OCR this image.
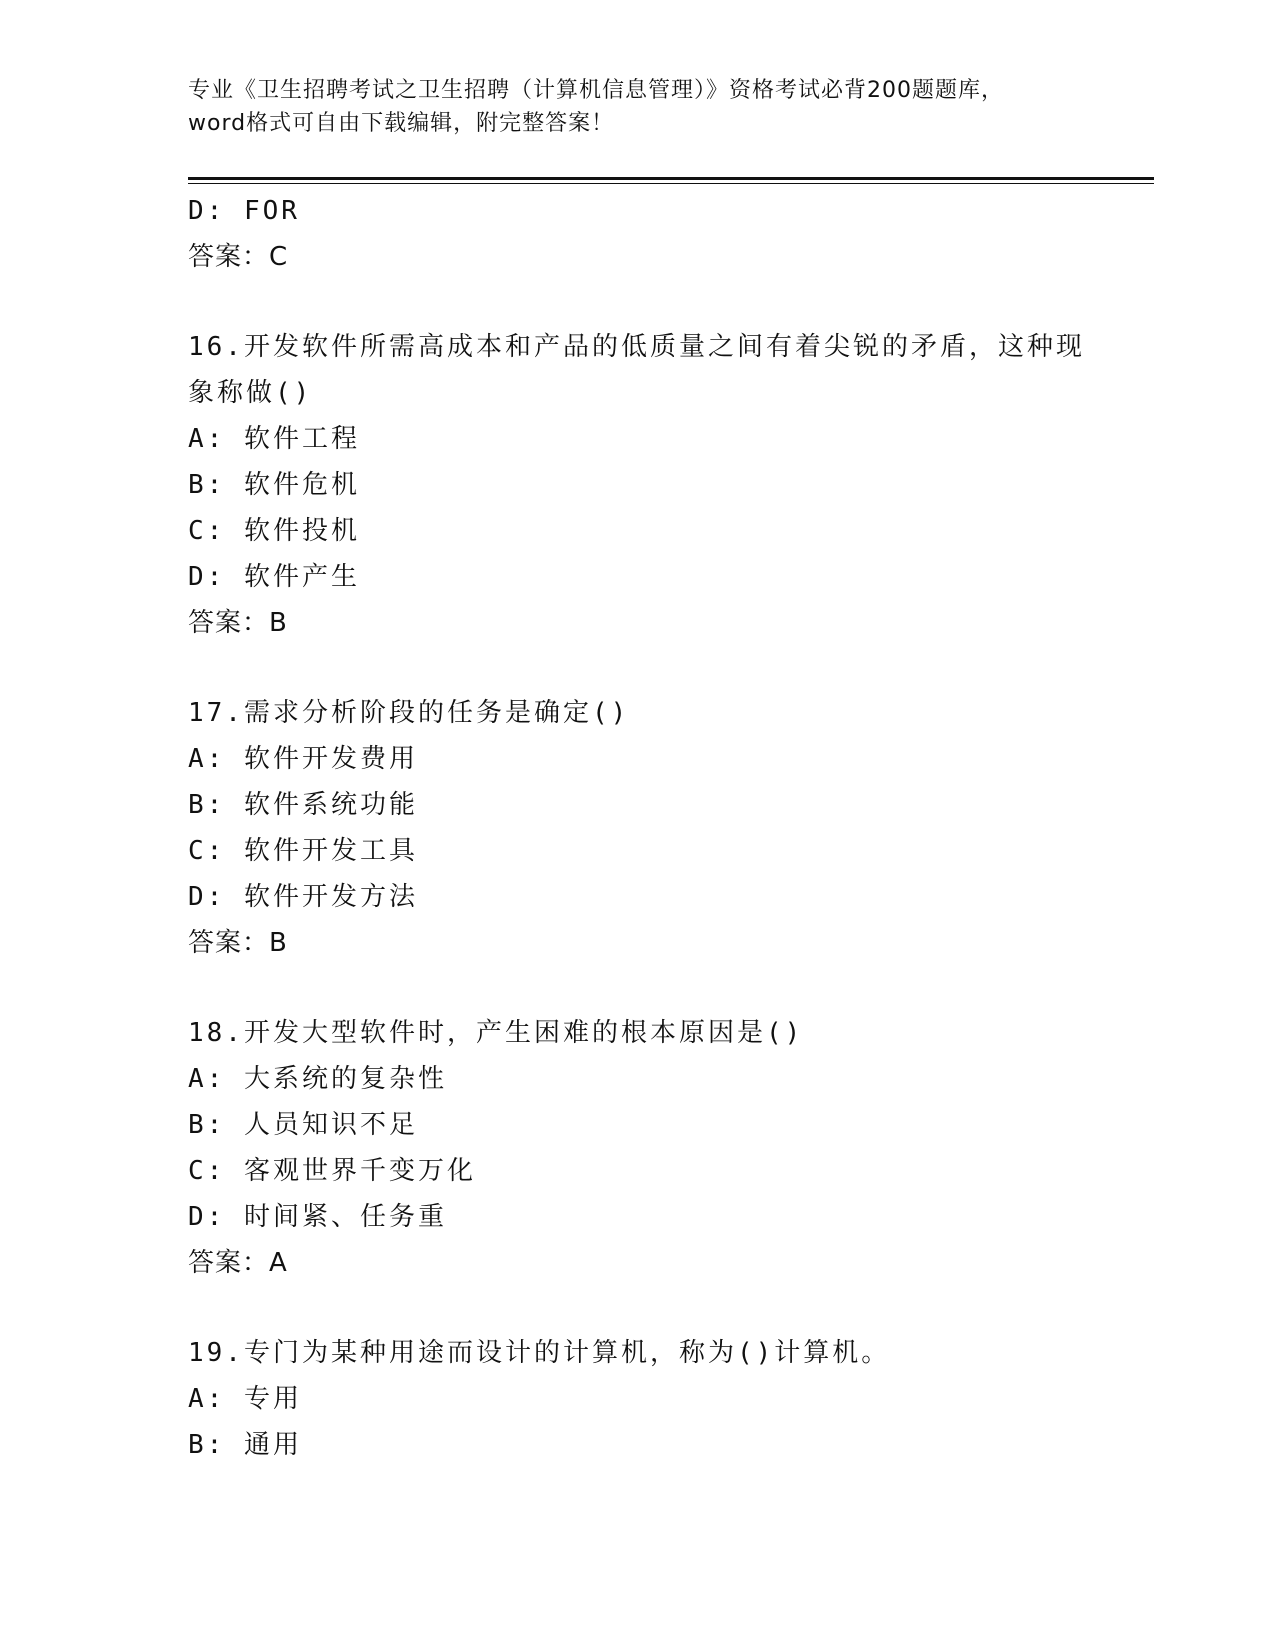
专业《卫生招聘考试之卫生招聘（计算机信息管理）》资格考试必背200题题库，
word格式可自由下载编辑，附完整答案！
D: FOR
答案：C
16.开发软件所需高成本和产品的低质量之间有着尖锐的矛盾，这种现
象称做()
A: 软件工程
B: 软件危机
C: 软件投机
D: 软件产生
答案：B
17.需求分析阶段的任务是确定()
A: 软件开发费用
B: 软件系统功能
C: 软件开发工具
D: 软件开发方法
答案：B
18.开发大型软件时，产生困难的根本原因是()
A: 大系统的复杂性
B: 人员知识不足
C: 客观世界千变万化
D: 时间紧、任务重
答案：A
19.专门为某种用途而设计的计算机，称为()计算机。
A: 专用
B: 通用
